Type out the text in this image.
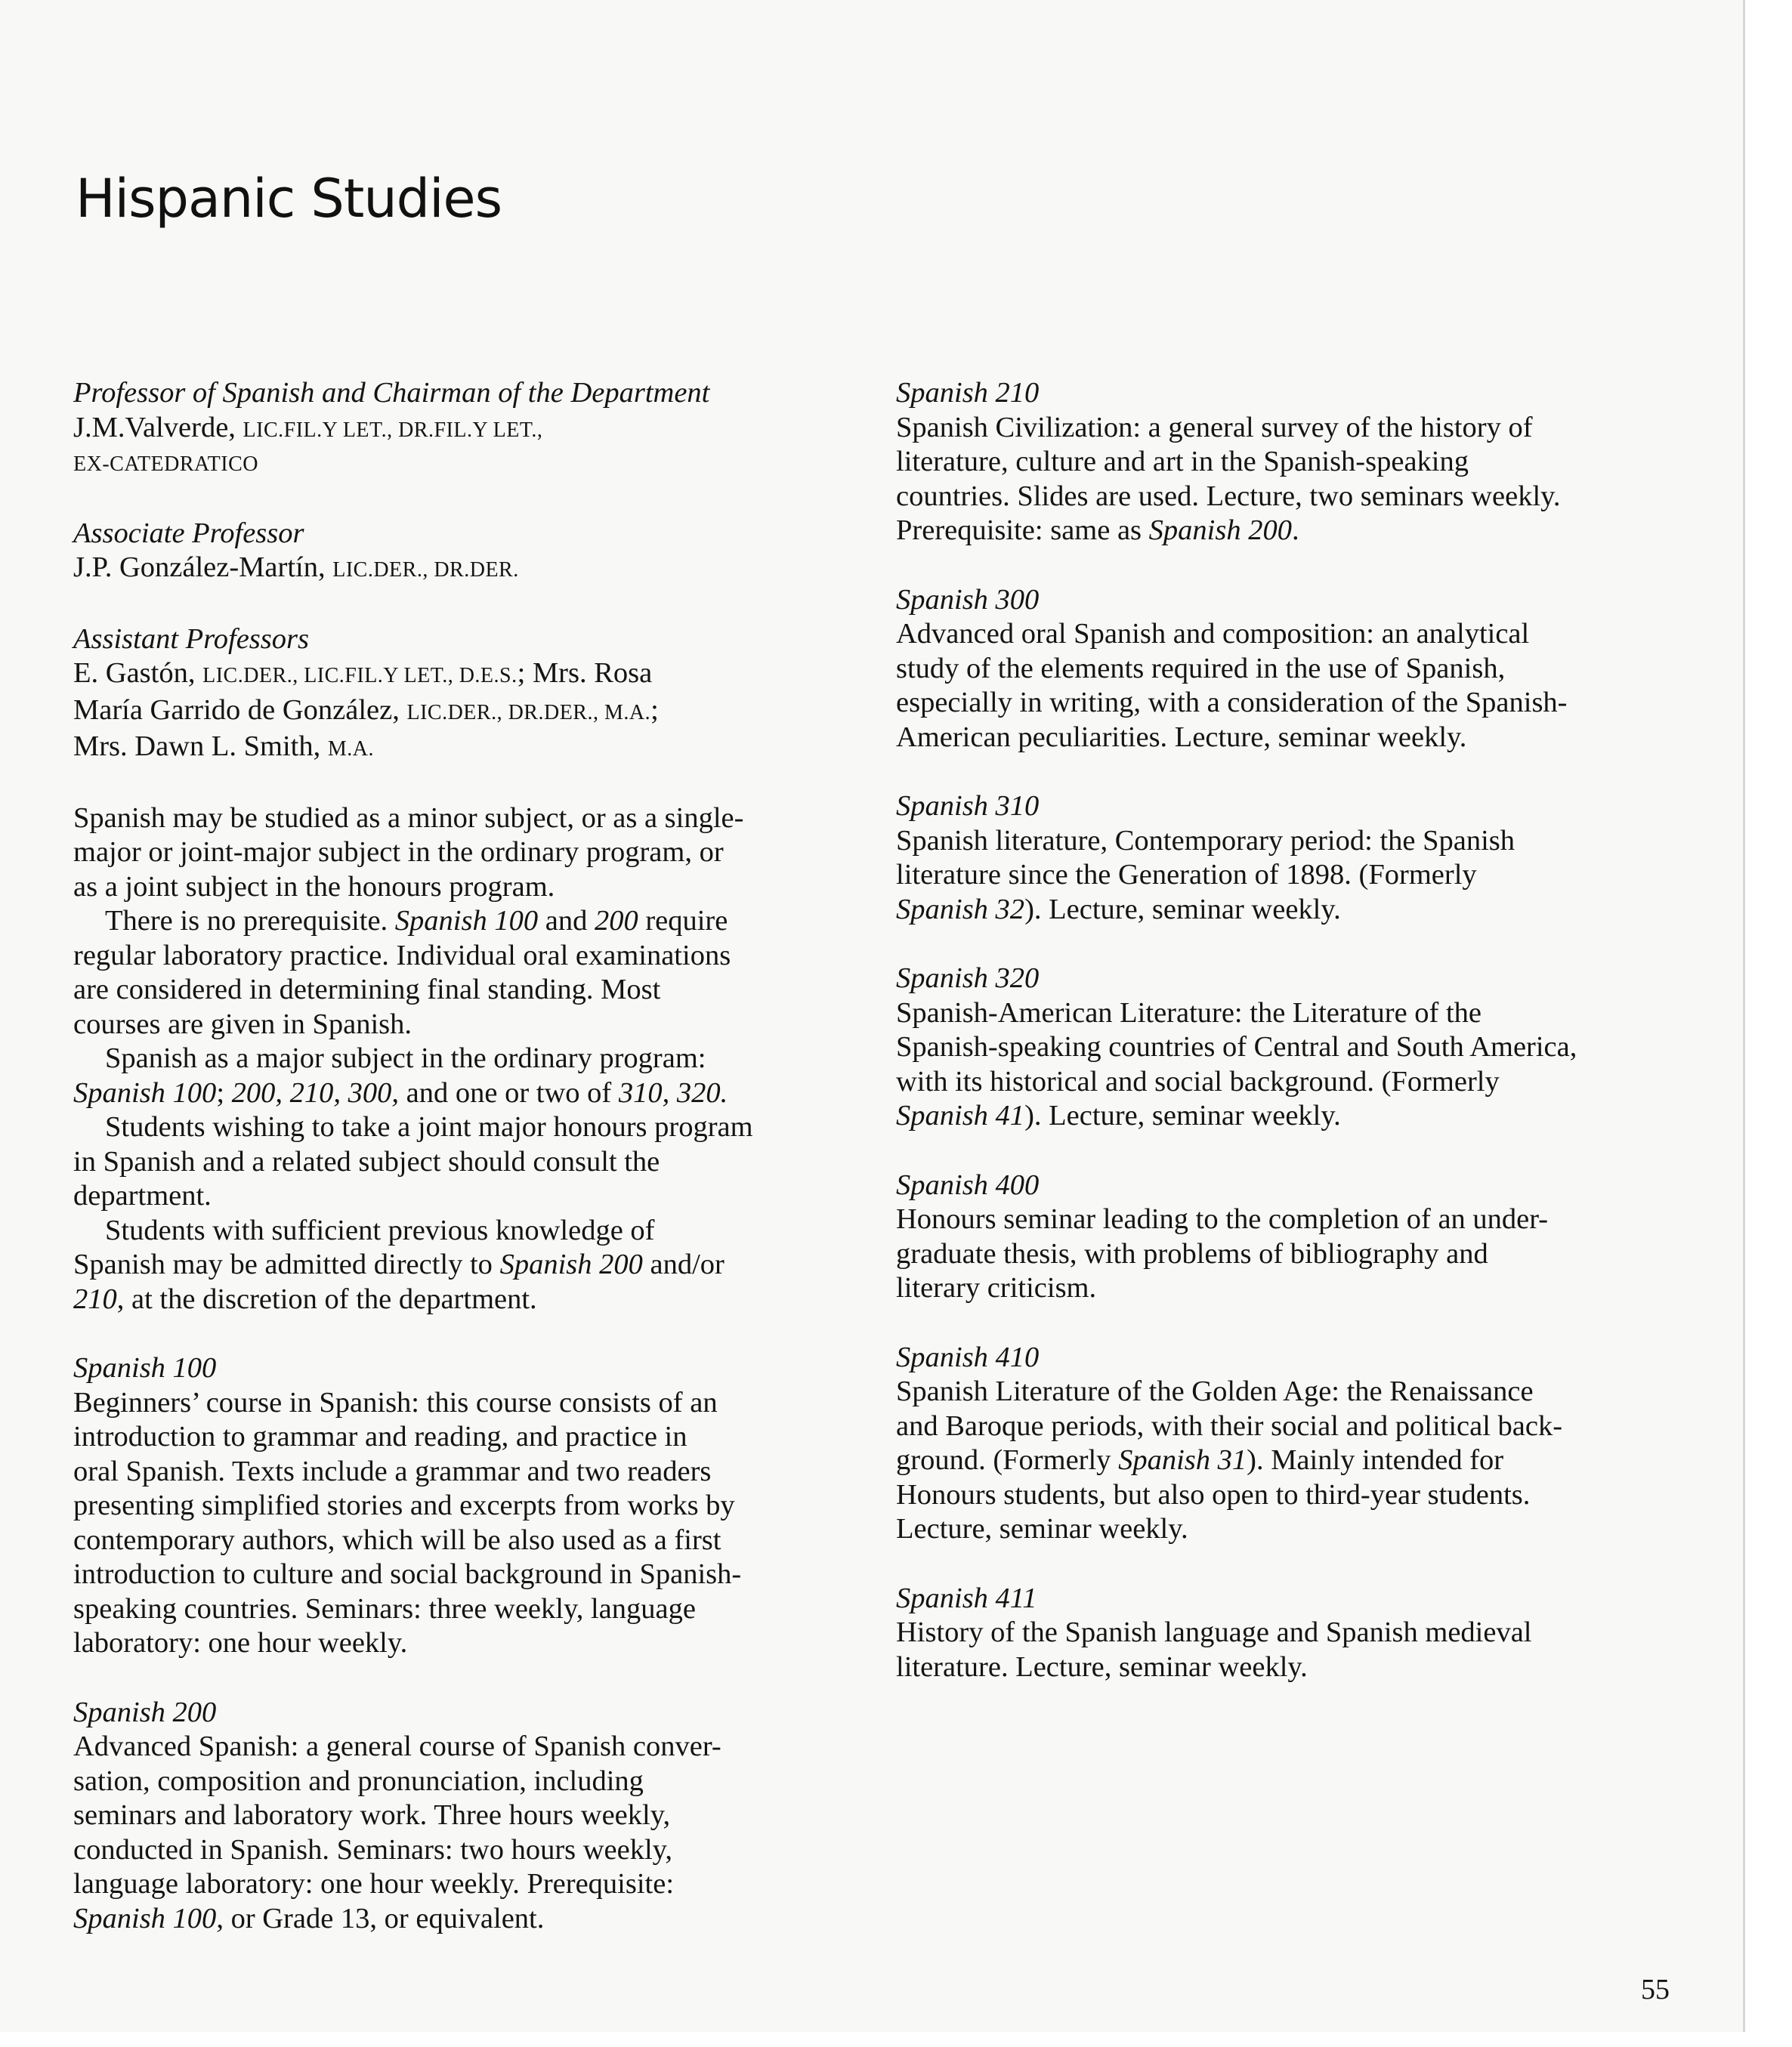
Hispanic Studies
Professor of Spanish and Chairman of the Department
J.M.Valverde, LIC.FIL.Y LET., DR.FIL.Y LET.,
EX-CATEDRATICO
Associate Professor
J.P. González-Martín, LIC.DER., DR.DER.
Assistant Professors
E. Gastón, LIC.DER., LIC.FIL.Y LET., D.E.S.; Mrs. Rosa
María Garrido de González, LIC.DER., DR.DER., M.A.;
Mrs. Dawn L. Smith, M.A.
Spanish may be studied as a minor subject, or as a single-
major or joint-major subject in the ordinary program, or
as a joint subject in the honours program.
There is no prerequisite. Spanish 100 and 200 require
regular laboratory practice. Individual oral examinations
are considered in determining final standing. Most
courses are given in Spanish.
Spanish as a major subject in the ordinary program:
Spanish 100; 200, 210, 300, and one or two of 310, 320.
Students wishing to take a joint major honours program
in Spanish and a related subject should consult the
department.
Students with sufficient previous knowledge of
Spanish may be admitted directly to Spanish 200 and/or
210, at the discretion of the department.
Spanish 100
Beginners’ course in Spanish: this course consists of an
introduction to grammar and reading, and practice in
oral Spanish. Texts include a grammar and two readers
presenting simplified stories and excerpts from works by
contemporary authors, which will be also used as a first
introduction to culture and social background in Spanish-
speaking countries. Seminars: three weekly, language
laboratory: one hour weekly.
Spanish 200
Advanced Spanish: a general course of Spanish conver-
sation, composition and pronunciation, including
seminars and laboratory work. Three hours weekly,
conducted in Spanish. Seminars: two hours weekly,
language laboratory: one hour weekly. Prerequisite:
Spanish 100, or Grade 13, or equivalent.
Spanish 210
Spanish Civilization: a general survey of the history of
literature, culture and art in the Spanish-speaking
countries. Slides are used. Lecture, two seminars weekly.
Prerequisite: same as Spanish 200.
Spanish 300
Advanced oral Spanish and composition: an analytical
study of the elements required in the use of Spanish,
especially in writing, with a consideration of the Spanish-
American peculiarities. Lecture, seminar weekly.
Spanish 310
Spanish literature, Contemporary period: the Spanish
literature since the Generation of 1898. (Formerly
Spanish 32). Lecture, seminar weekly.
Spanish 320
Spanish-American Literature: the Literature of the
Spanish-speaking countries of Central and South America,
with its historical and social background. (Formerly
Spanish 41). Lecture, seminar weekly.
Spanish 400
Honours seminar leading to the completion of an under-
graduate thesis, with problems of bibliography and
literary criticism.
Spanish 410
Spanish Literature of the Golden Age: the Renaissance
and Baroque periods, with their social and political back-
ground. (Formerly Spanish 31). Mainly intended for
Honours students, but also open to third-year students.
Lecture, seminar weekly.
Spanish 411
History of the Spanish language and Spanish medieval
literature. Lecture, seminar weekly.
55
